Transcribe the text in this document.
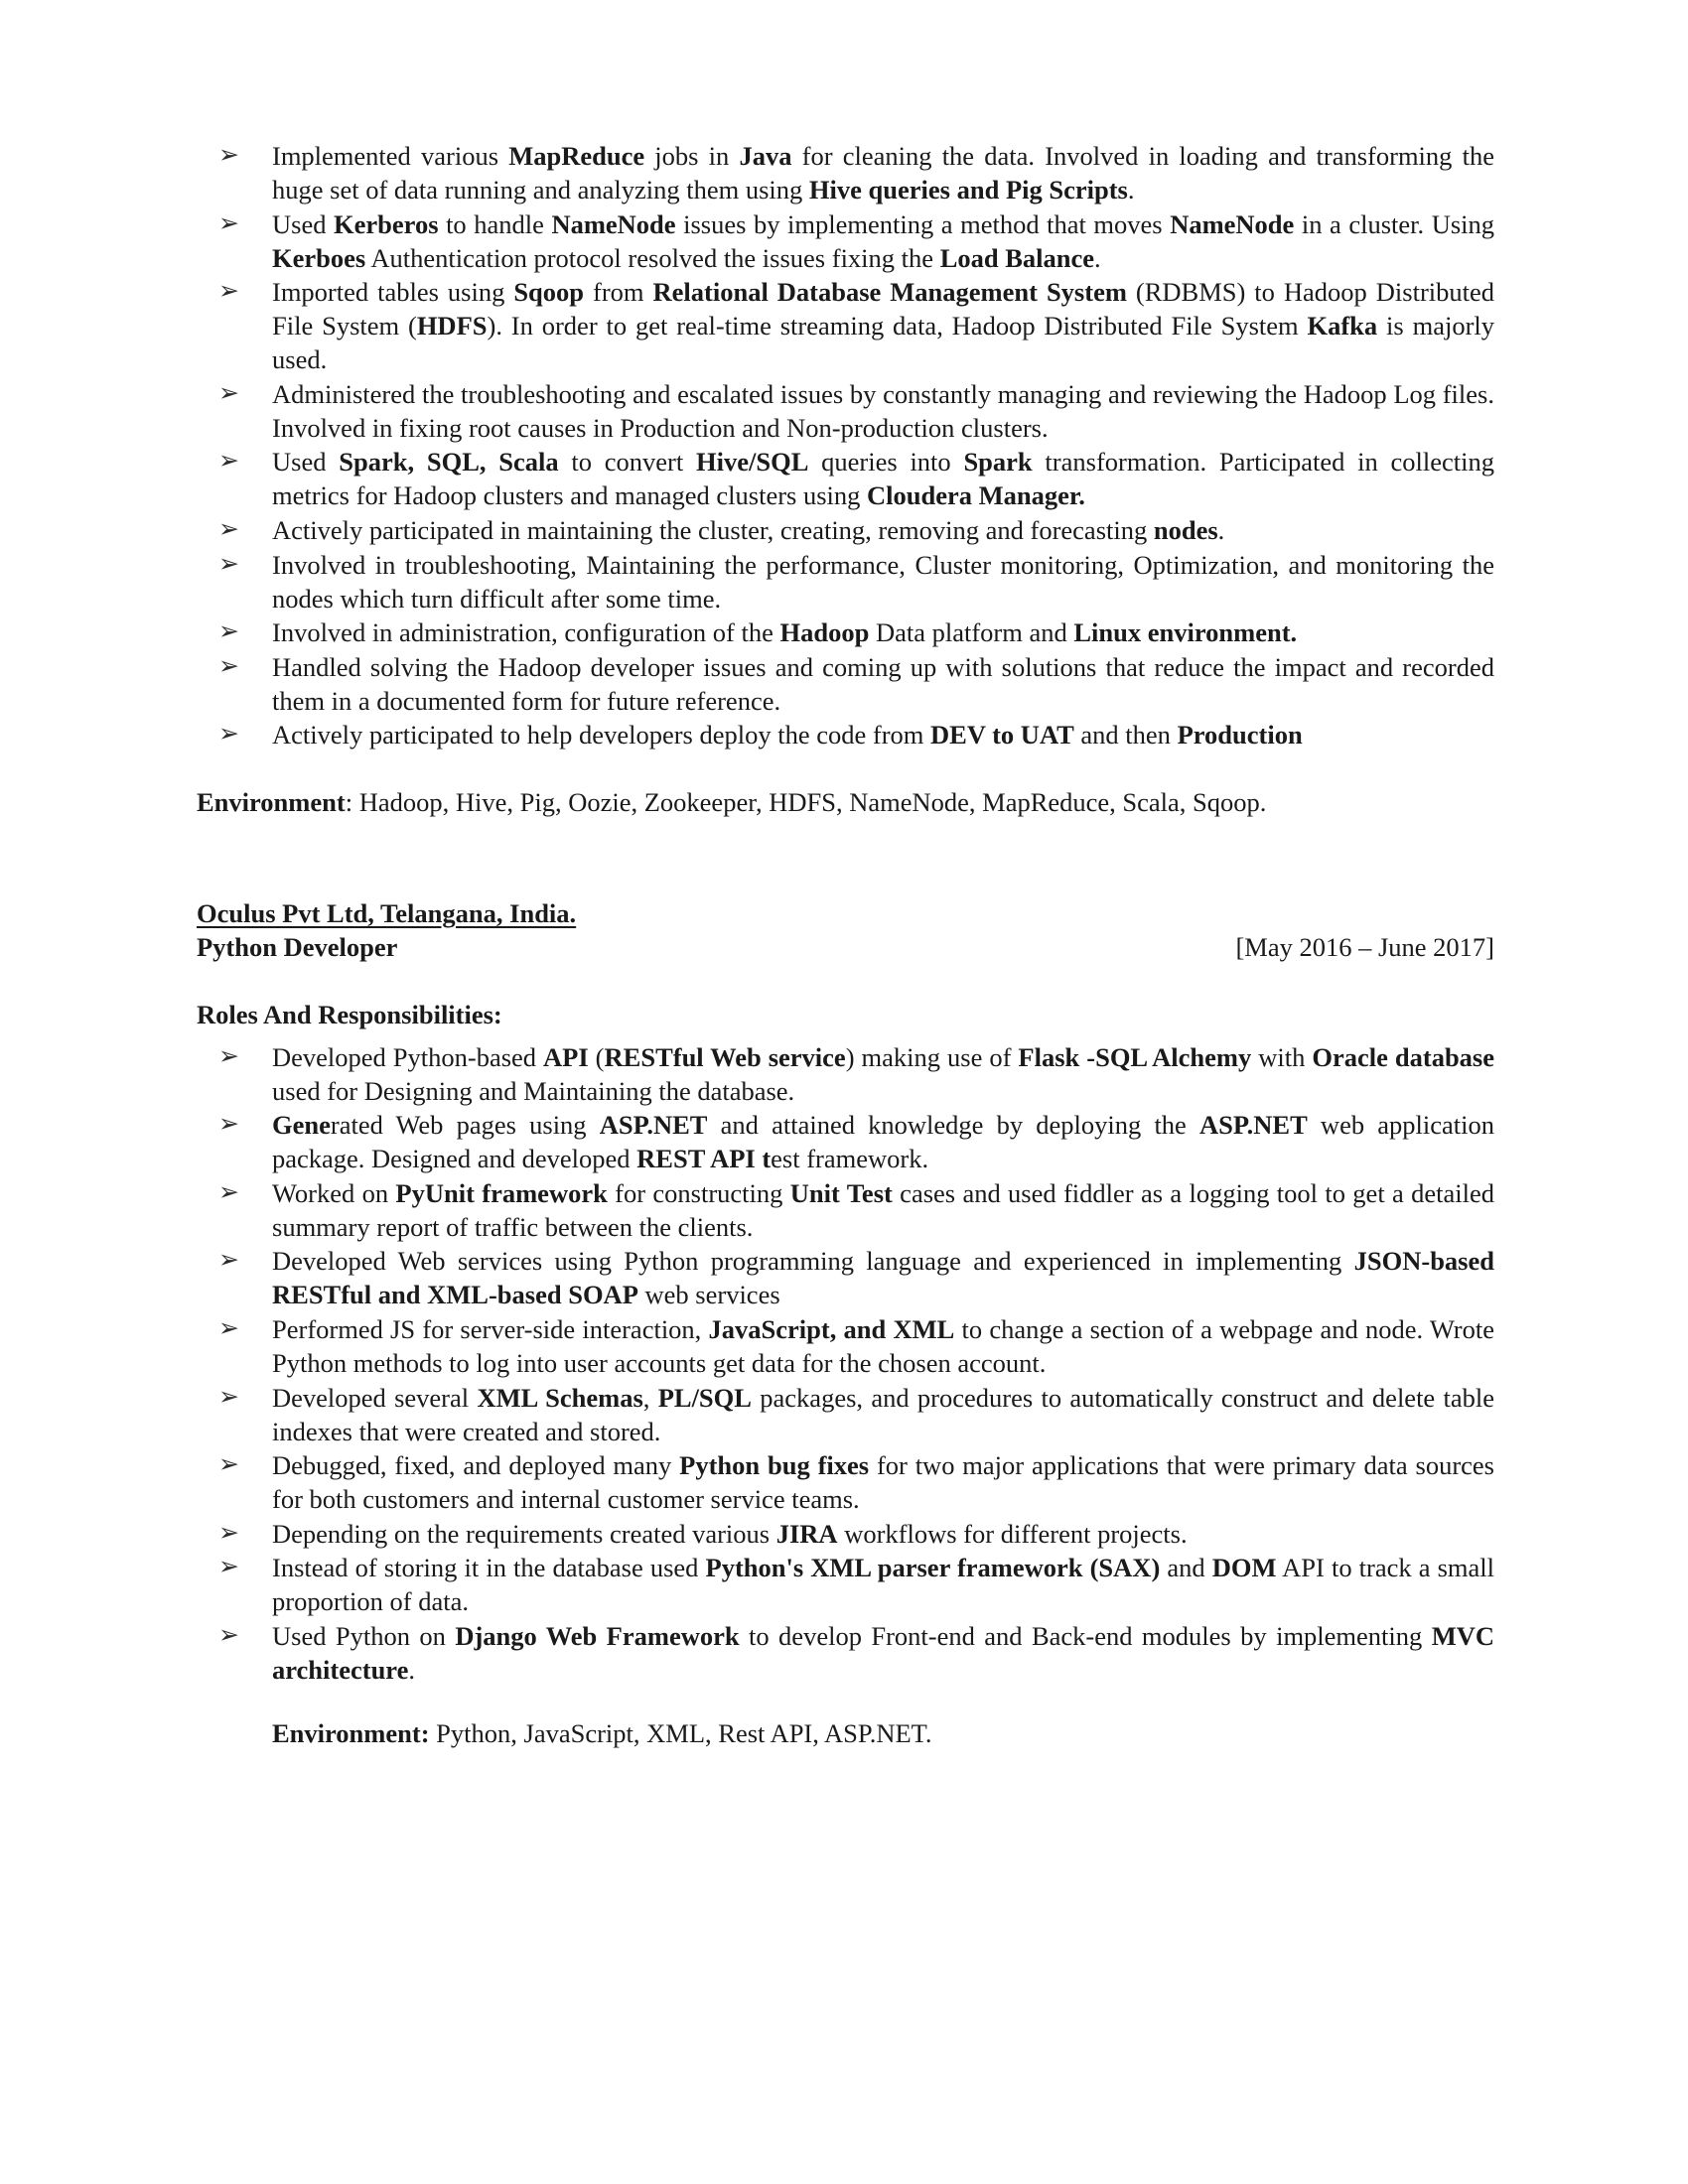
➢ Implemented various MapReduce jobs in Java for cleaning the data. Involved in loading and transforming the huge set of data running and analyzing them using Hive queries and Pig Scripts.
➢ Used Kerberos to handle NameNode issues by implementing a method that moves NameNode in a cluster. Using Kerboes Authentication protocol resolved the issues fixing the Load Balance.
➢ Imported tables using Sqoop from Relational Database Management System (RDBMS) to Hadoop Distributed File System (HDFS). In order to get real-time streaming data, Hadoop Distributed File System Kafka is majorly used.
➢ Administered the troubleshooting and escalated issues by constantly managing and reviewing the Hadoop Log files. Involved in fixing root causes in Production and Non-production clusters.
➢ Used Spark, SQL, Scala to convert Hive/SQL queries into Spark transformation. Participated in collecting metrics for Hadoop clusters and managed clusters using Cloudera Manager.
➢ Actively participated in maintaining the cluster, creating, removing and forecasting nodes.
➢ Involved in troubleshooting, Maintaining the performance, Cluster monitoring, Optimization, and monitoring the nodes which turn difficult after some time.
➢ Involved in administration, configuration of the Hadoop Data platform and Linux environment.
➢ Handled solving the Hadoop developer issues and coming up with solutions that reduce the impact and recorded them in a documented form for future reference.
➢ Actively participated to help developers deploy the code from DEV to UAT and then Production
Environment: Hadoop, Hive, Pig, Oozie, Zookeeper, HDFS, NameNode, MapReduce, Scala, Sqoop.
Oculus Pvt Ltd, Telangana, India.
Python Developer	[May 2016 – June 2017]
Roles And Responsibilities:
➢ Developed Python-based API (RESTful Web service) making use of Flask -SQL Alchemy with Oracle database used for Designing and Maintaining the database.
➢ Generated Web pages using ASP.NET and attained knowledge by deploying the ASP.NET web application package. Designed and developed REST API test framework.
➢ Worked on PyUnit framework for constructing Unit Test cases and used fiddler as a logging tool to get a detailed summary report of traffic between the clients.
➢ Developed Web services using Python programming language and experienced in implementing JSON-based RESTful and XML-based SOAP web services
➢ Performed JS for server-side interaction, JavaScript, and XML to change a section of a webpage and node. Wrote Python methods to log into user accounts get data for the chosen account.
➢ Developed several XML Schemas, PL/SQL packages, and procedures to automatically construct and delete table indexes that were created and stored.
➢ Debugged, fixed, and deployed many Python bug fixes for two major applications that were primary data sources for both customers and internal customer service teams.
➢ Depending on the requirements created various JIRA workflows for different projects.
➢ Instead of storing it in the database used Python's XML parser framework (SAX) and DOM API to track a small proportion of data.
➢ Used Python on Django Web Framework to develop Front-end and Back-end modules by implementing MVC architecture.
Environment: Python, JavaScript, XML, Rest API, ASP.NET.
